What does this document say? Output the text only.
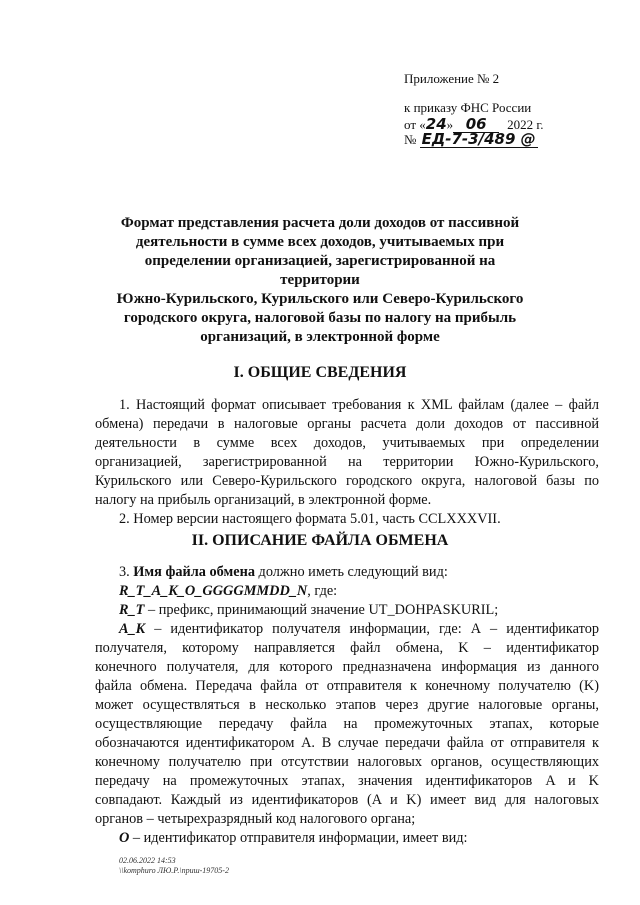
Приложение № 2
к приказу ФНС России
от «24» 06 2022 г.
№ ЕД-7-3/489 @
Формат представления расчета доли доходов от пассивной
деятельности в сумме всех доходов, учитываемых при
определении организацией, зарегистрированной на территории
Южно-Курильского, Курильского или Северо-Курильского
городского округа, налоговой базы по налогу на прибыль
организаций, в электронной форме
I. ОБЩИЕ СВЕДЕНИЯ
1. Настоящий формат описывает требования к XML файлам (далее – файл
обмена) передачи в налоговые органы расчета доли доходов от пассивной
деятельности в сумме всех доходов, учитываемых при определении
организацией, зарегистрированной на территории Южно-Курильского,
Курильского или Северо-Курильского городского округа, налоговой базы по
налогу на прибыль организаций, в электронной форме.
2. Номер версии настоящего формата 5.01, часть CCLXXXVII.
II. ОПИСАНИЕ ФАЙЛА ОБМЕНА
3. Имя файла обмена должно иметь следующий вид:
R_T_A_K_O_GGGGMMDD_N, где:
R_T – префикс, принимающий значение UT_DOHPASKURIL;
A_K – идентификатор получателя информации, где: А – идентификатор
получателя, которому направляется файл обмена, K – идентификатор
конечного получателя, для которого предназначена информация из данного
файла обмена. Передача файла от отправителя к конечному получателю (K)
может осуществляться в несколько этапов через другие налоговые органы,
осуществляющие передачу файла на промежуточных этапах, которые
обозначаются идентификатором A. В случае передачи файла от отправителя к
конечному получателю при отсутствии налоговых органов, осуществляющих
передачу на промежуточных этапах, значения идентификаторов A и K
совпадают. Каждый из идентификаторов (A и K) имеет вид для налоговых
органов – четырехразрядный код налогового органа;
O – идентификатор отправителя информации, имеет вид:
02.06.2022 14:53
\\komphuro ЛЮ.Р.\приш-19705-2
